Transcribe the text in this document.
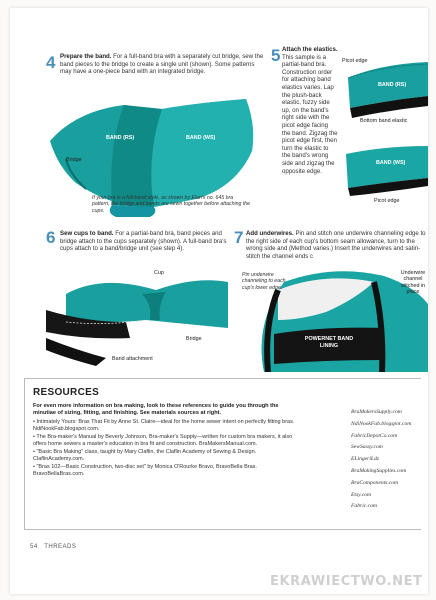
4 Prepare the band. For a full-band bra with a separately cut bridge, sew the band pieces to the bridge to create a single unit (shown). Some patterns may have a one-piece band with an integrated bridge.
BAND (RS)	BAND (WS)
Bridge
If your bra is a full-band style, as shown by Elan's no. 645 bra pattern, the bridge and bands are sewn together before attaching the cups.
5 Attach the elastics. This sample is a partial-band bra. Construction order for attaching band elastics varies. Lap the plush-back elastic, fuzzy side up, on the band's right side with the picot edge facing the band. Zigzag the picot edge first, then turn the elastic to the band's wrong side and zigzag the opposite edge.
Picot edge
BAND (RS)
Bottom band elastic
BAND (WS)
Picot edge
6 Sew cups to band. For a partial-band bra, band pieces and bridge attach to the cups separately (shown). A full-band bra's cups attach to a band/bridge unit (see step 4).
Cup
Bridge
Band attachment
7 Add underwires. Pin and stitch one underwire channeling edge to the right side of each cup's bottom seam allowance, turn to the wrong side and (Method varies.) Insert the underwires and satin-stitch the channel ends c
Pin underwire channeling to each cup's lower edge.
Underwire channel stitched in place
POWERNET BAND LINING
RESOURCES
For even more information on bra making, look to these references to guide you through the minutiae of sizing, fitting, and finishing. See materials sources at right.
• Intimately Yours: Bras That Fit by Anne St. Claire—ideal for the home sewer intent on perfectly fitting bras. NdiNookFab.blogspot.com.
• The Bra-maker's Manual by Beverly Johnson, Bra-maker's Supply—written for custom bra makers, it also offers home sewers a master's education in bra fit and construction. BraMakersManual.com.
• "Basic Bra Making" class, taught by Mary Claflin, the Claflin Academy of Sewing & Design. ClaflinAcademy.com.
• "Bras 102—Basic Construction, two-disc set" by Monica O'Rourke Bravo, BravoBella Bras. BravoBellaBras.com.
BraMakersSupply.com
NdiNookFab.blogspot.com
FabricDepotCo.com
SewSassy.com
ELingeriLdz
BraMakingSupplies.com
BraComponents.com
Etsy.com
Fabric.com
54 THREADS
EKRAWIECTWO.NET
